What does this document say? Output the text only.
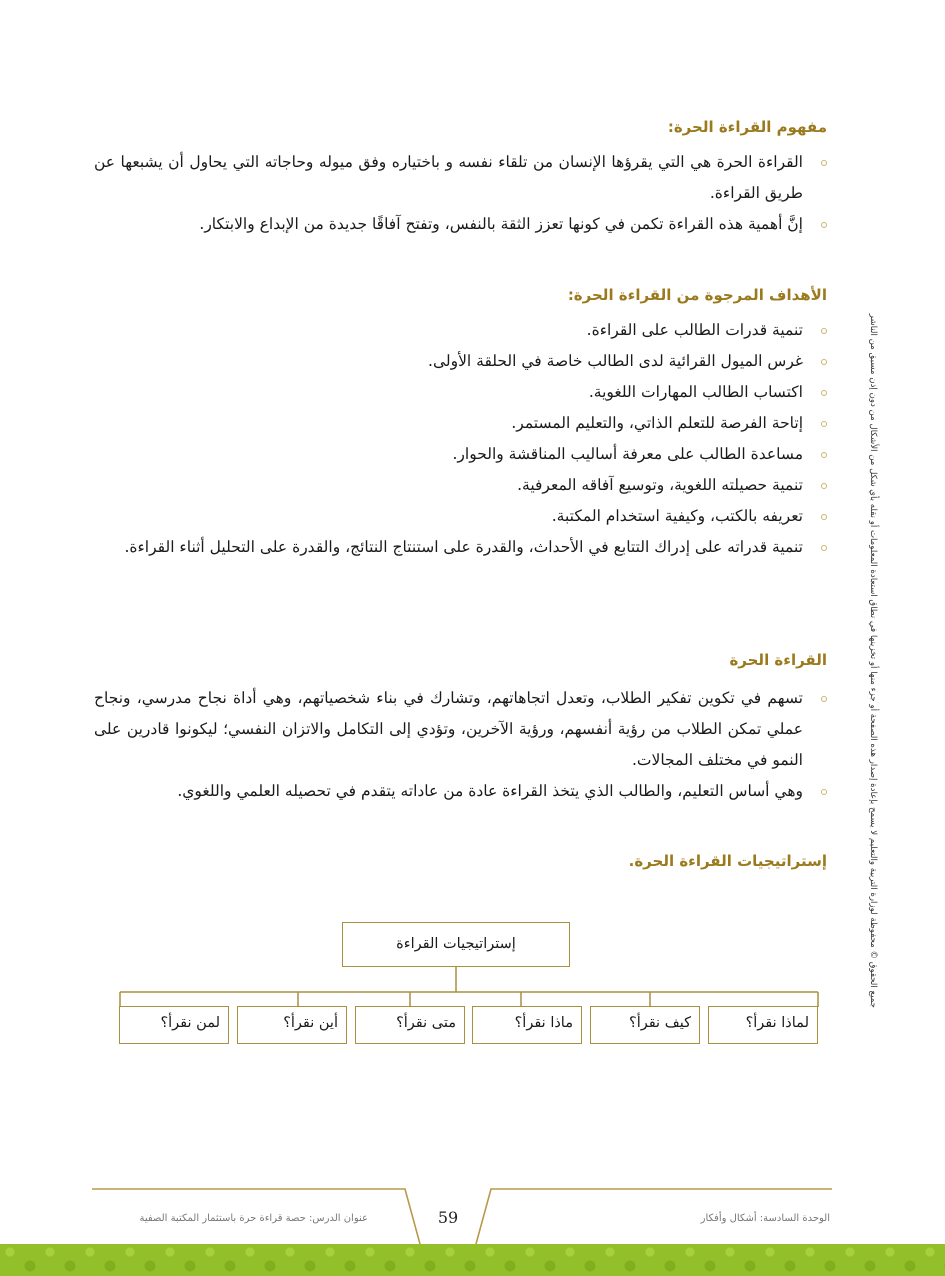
مفهوم القراءة الحرة:
القراءة الحرة هي التي يقرؤها الإنسان من تلقاء نفسه و باختياره وفق ميوله وحاجاته التي يحاول أن يشبعها عن طريق القراءة.
إنَّ أهمية هذه القراءة تكمن في كونها تعزز الثقة بالنفس، وتفتح آفاقًا جديدة من الإبداع والابتكار.
الأهداف المرجوة من القراءة الحرة:
تنمية قدرات الطالب على القراءة.
غرس الميول القرائية لدى الطالب خاصة في الحلقة الأولى.
اكتساب الطالب المهارات اللغوية.
إتاحة الفرصة للتعلم الذاتي، والتعليم المستمر.
مساعدة الطالب على معرفة أساليب المناقشة والحوار.
تنمية حصيلته اللغوية، وتوسيع آفاقه المعرفية.
تعريفه بالكتب، وكيفية استخدام المكتبة.
تنمية قدراته على إدراك التتابع في الأحداث، والقدرة على استنتاج النتائج، والقدرة على التحليل أثناء القراءة.
القراءة الحرة
تسهم في تكوين تفكير الطلاب، وتعدل اتجاهاتهم، وتشارك في بناء شخصياتهم، وهي أداة نجاح مدرسي، ونجاح عملي تمكن الطلاب من رؤية أنفسهم، ورؤية الآخرين، وتؤدي إلى التكامل والاتزان النفسي؛ ليكونوا قادرين على النمو في مختلف المجالات.
وهي أساس التعليم، والطالب الذي يتخذ القراءة عادة من عاداته يتقدم في تحصيله العلمي واللغوي.
إستراتيجيات القراءة الحرة.
إستراتيجيات القراءة
لماذا نقرأ؟
كيف نقرأ؟
ماذا نقرأ؟
متى نقرأ؟
أين نقرأ؟
لمن نقرأ؟
جميع الحقوق © محفوظة لوزارة التربية والتعليم لا يسمح بإعادة إصدار هذه الصفحة أو جزء منها أو تخزينها في نطاق استعادة المعلومات أو نقله بأي شكل من الأشكال من دون إذن مسبق من الناشر
الوحدة السادسة: أشكال وأفكار
59
عنوان الدرس: حصة قراءة حرة باستثمار المكتبة الصفية
